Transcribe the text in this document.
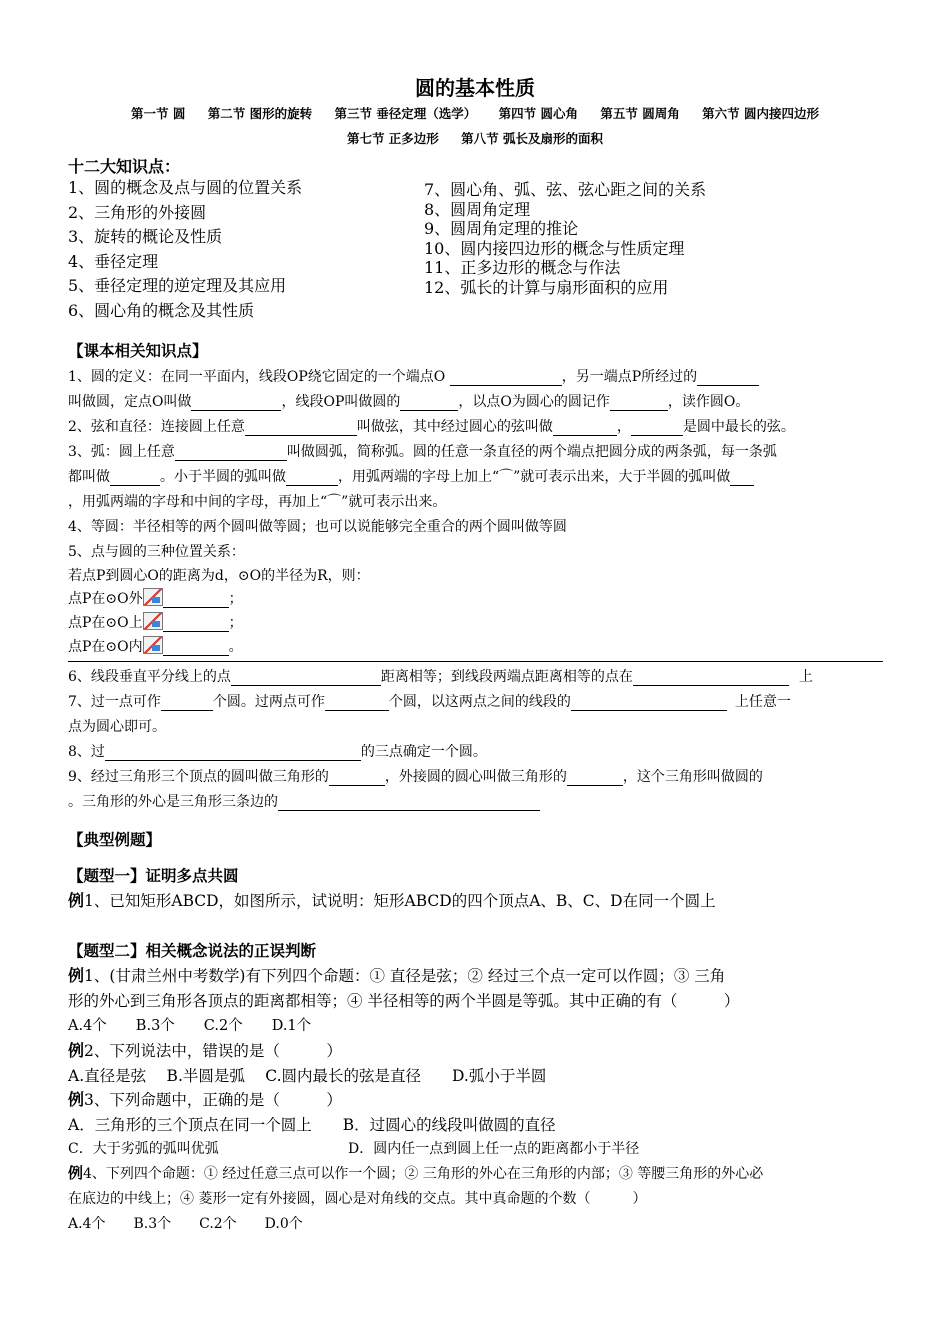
圆的基本性质
第一节 圆 第二节 图形的旋转 第三节 垂径定理（选学） 第四节 圆心角 第五节 圆周角 第六节 圆内接四边形
第七节 正多边形 第八节 弧长及扇形的面积
十二大知识点：
1、圆的概念及点与圆的位置关系
2、三角形的外接圆
3、旋转的概论及性质
4、垂径定理
5、垂径定理的逆定理及其应用
6、圆心角的概念及其性质
7、圆心角、弧、弦、弦心距之间的关系
8、圆周角定理
9、圆周角定理的推论
10、圆内接四边形的概念与性质定理
11、正多边形的概念与作法
12、弧长的计算与扇形面积的应用
【课本相关知识点】
1、圆的定义：在同一平面内，线段OP绕它固定的一个端点O	，另一端点P所经过的
叫做圆，定点O叫做	，线段OP叫做圆的	，以点O为圆心的圆记作	，读作圆O。
2、弦和直径：连接圆上任意	叫做弦，其中经过圆心的弦叫做	，	是圆中最长的弦。
3、弧：圆上任意	叫做圆弧，简称弧。圆的任意一条直径的两个端点把圆分成的两条弧，每一条弧
都叫做	。小于半圆的弧叫做	，用弧两端的字母上加上“⌒”就可表示出来，大于半圆的弧叫做
，用弧两端的字母和中间的字母，再加上“⌒”就可表示出来。
4、等圆：半径相等的两个圆叫做等圆；也可以说能够完全重合的两个圆叫做等圆
5、点与圆的三种位置关系：
若点P到圆心O的距离为d，⊙O的半径为R，则：
点P在⊙O外	；
点P在⊙O上	；
点P在⊙O内	。
6、线段垂直平分线上的点	距离相等；到线段两端点距离相等的点在	上
7、过一点可作	个圆。过两点可作	个圆，以这两点之间的线段的	上任意一
点为圆心即可。
8、过	的三点确定一个圆。
9、经过三角形三个顶点的圆叫做三角形的	，外接圆的圆心叫做三角形的	，这个三角形叫做圆的
。三角形的外心是三角形三条边的
【典型例题】
【题型一】证明多点共圆
例1、已知矩形ABCD，如图所示，试说明：矩形ABCD的四个顶点A、B、C、D在同一个圆上
【题型二】相关概念说法的正误判断
例1、(甘肃兰州中考数学)有下列四个命题：① 直径是弦；② 经过三个点一定可以作圆；③ 三角
形的外心到三角形各顶点的距离都相等；④ 半径相等的两个半圆是等弧。其中正确的有（　　　）
A.4个　　B.3个　　C.2个　　D.1个
例2、下列说法中，错误的是（　　　）
A.直径是弦　 B.半圆是弧　 C.圆内最长的弦是直径　　D.弧小于半圆
例3、下列命题中，正确的是（　　　）
A．三角形的三个顶点在同一个圆上　　B．过圆心的线段叫做圆的直径
C．大于劣弧的弧叫优弧	D．圆内任一点到圆上任一点的距离都小于半径
例4、下列四个命题：① 经过任意三点可以作一个圆；② 三角形的外心在三角形的内部；③ 等腰三角形的外心必
在底边的中线上；④ 菱形一定有外接圆，圆心是对角线的交点。其中真命题的个数（　　　）
A.4个　　B.3个　　C.2个　　D.0个
